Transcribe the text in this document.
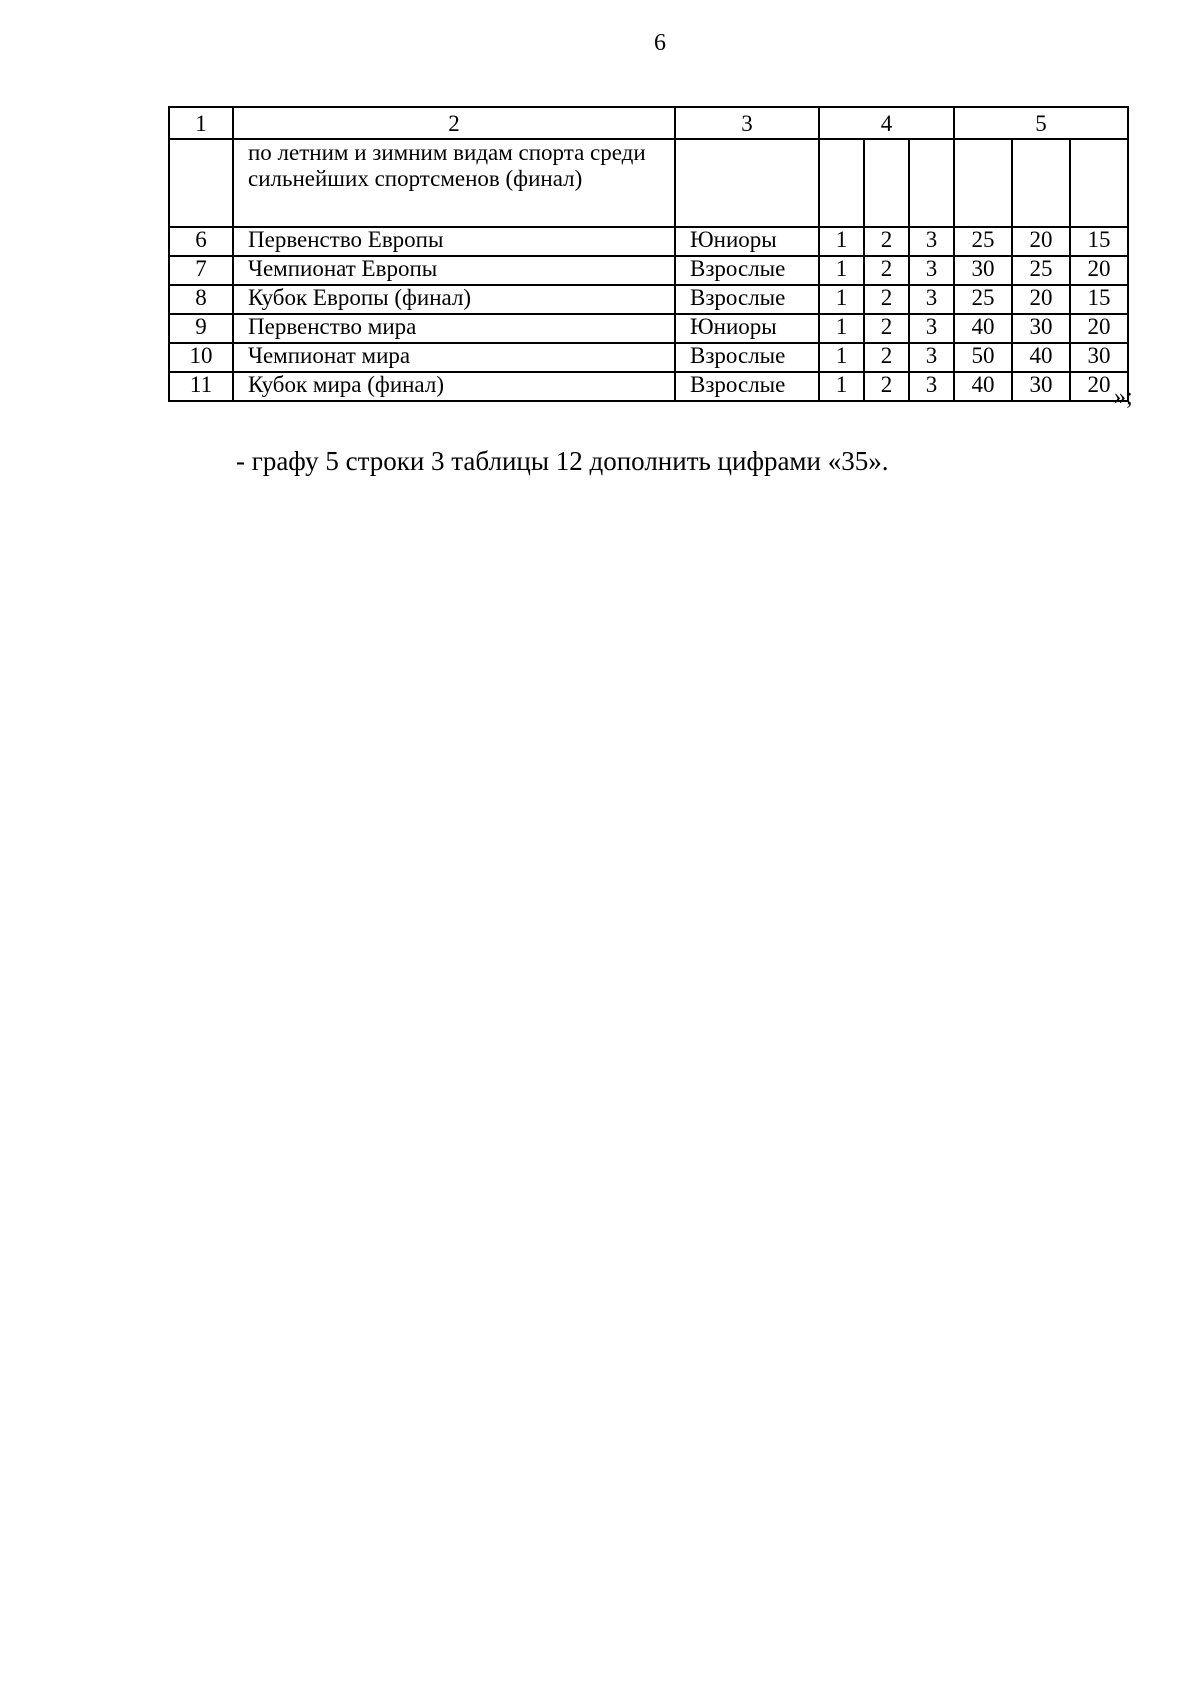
6
1	2	3	4			5		

	по летним и зимним видам спорта среди сильнейших спортсменов (финал)							

6	Первенство Европы	Юниоры	1	2	3	25	20	15
7	Чемпионат Европы	Взрослые	1	2	3	30	25	20
8	Кубок Европы (финал)	Взрослые	1	2	3	25	20	15
9	Первенство мира	Юниоры	1	2	3	40	30	20
10	Чемпионат мира	Взрослые	1	2	3	50	40	30
11	Кубок мира (финал)	Взрослые	1	2	3	40	30	20 »;
- графу 5 строки 3 таблицы 12 дополнить цифрами «35».
